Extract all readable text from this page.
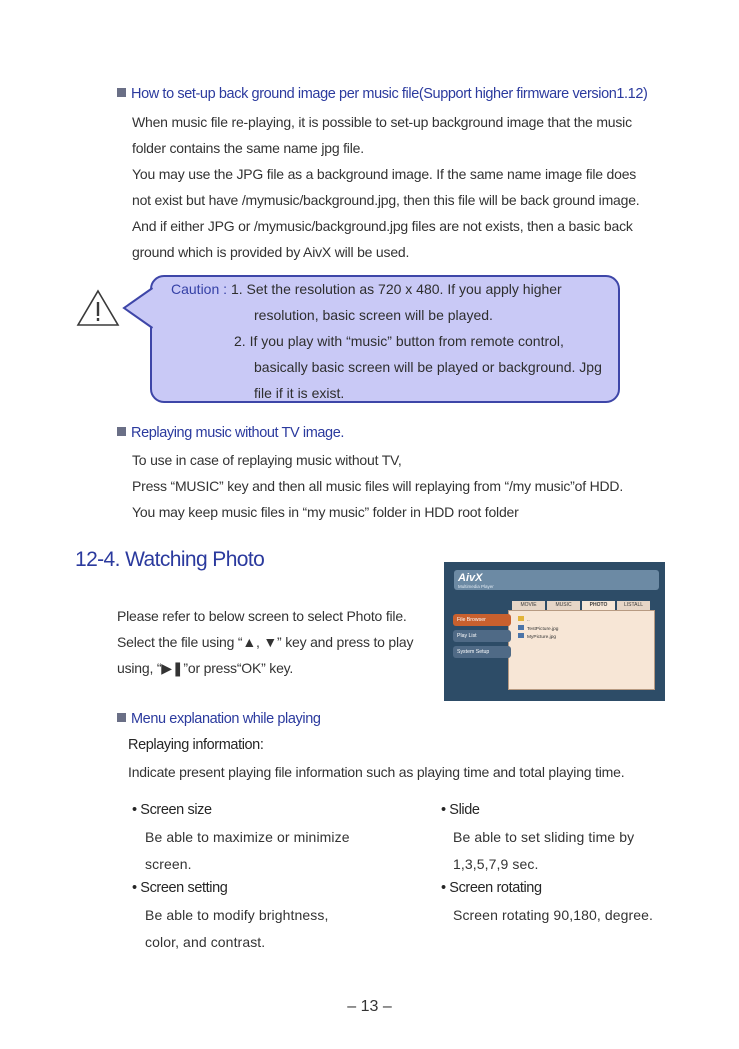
How to set-up back ground image per music file(Support higher firmware version1.12)

When music file re-playing, it is possible to set-up background image that the music

folder contains the same name jpg file.

You may use the JPG file as a background image. If the same name image file does

not exist but have /mymusic/background.jpg, then this file will be back ground image.

And if either JPG or /mymusic/background.jpg files are not exists, then a basic back

ground which is provided by AivX will be used.

Caution : 1. Set the resolution as 720 x 480. If you apply higher
resolution, basic screen will be played.
2. If you play with “music” button from remote control,
basically basic screen will be played or background. Jpg
file if it is exist.
Replaying music without TV image.

To use in case of replaying music without TV,

Press “MUSIC” key and then all music files will replaying from “/my music”of HDD.

You may keep music files in “my music” folder in HDD root folder

12-4. Watching Photo

Please refer to below screen to select Photo file.

Select the file using “▲, ▼” key and press to play

using, “▶❚”or press“OK” key.

AivX
Multimedia Player
MOVIE	MUSIC	PHOTO	LISTALL
File Browser
Play List
System Setup
..
TestPicture.jpg
MyPicture.jpg
Menu explanation while playing
Replaying information:
Indicate present playing file information such as playing time and total playing time.
• Screen size
Be able to maximize or minimize
screen.
• Screen setting
Be able to modify brightness,
color, and contrast.
• Slide
Be able to set sliding time by
1,3,5,7,9 sec.
• Screen rotating
Screen rotating 90,180, degree.
– 13 –
